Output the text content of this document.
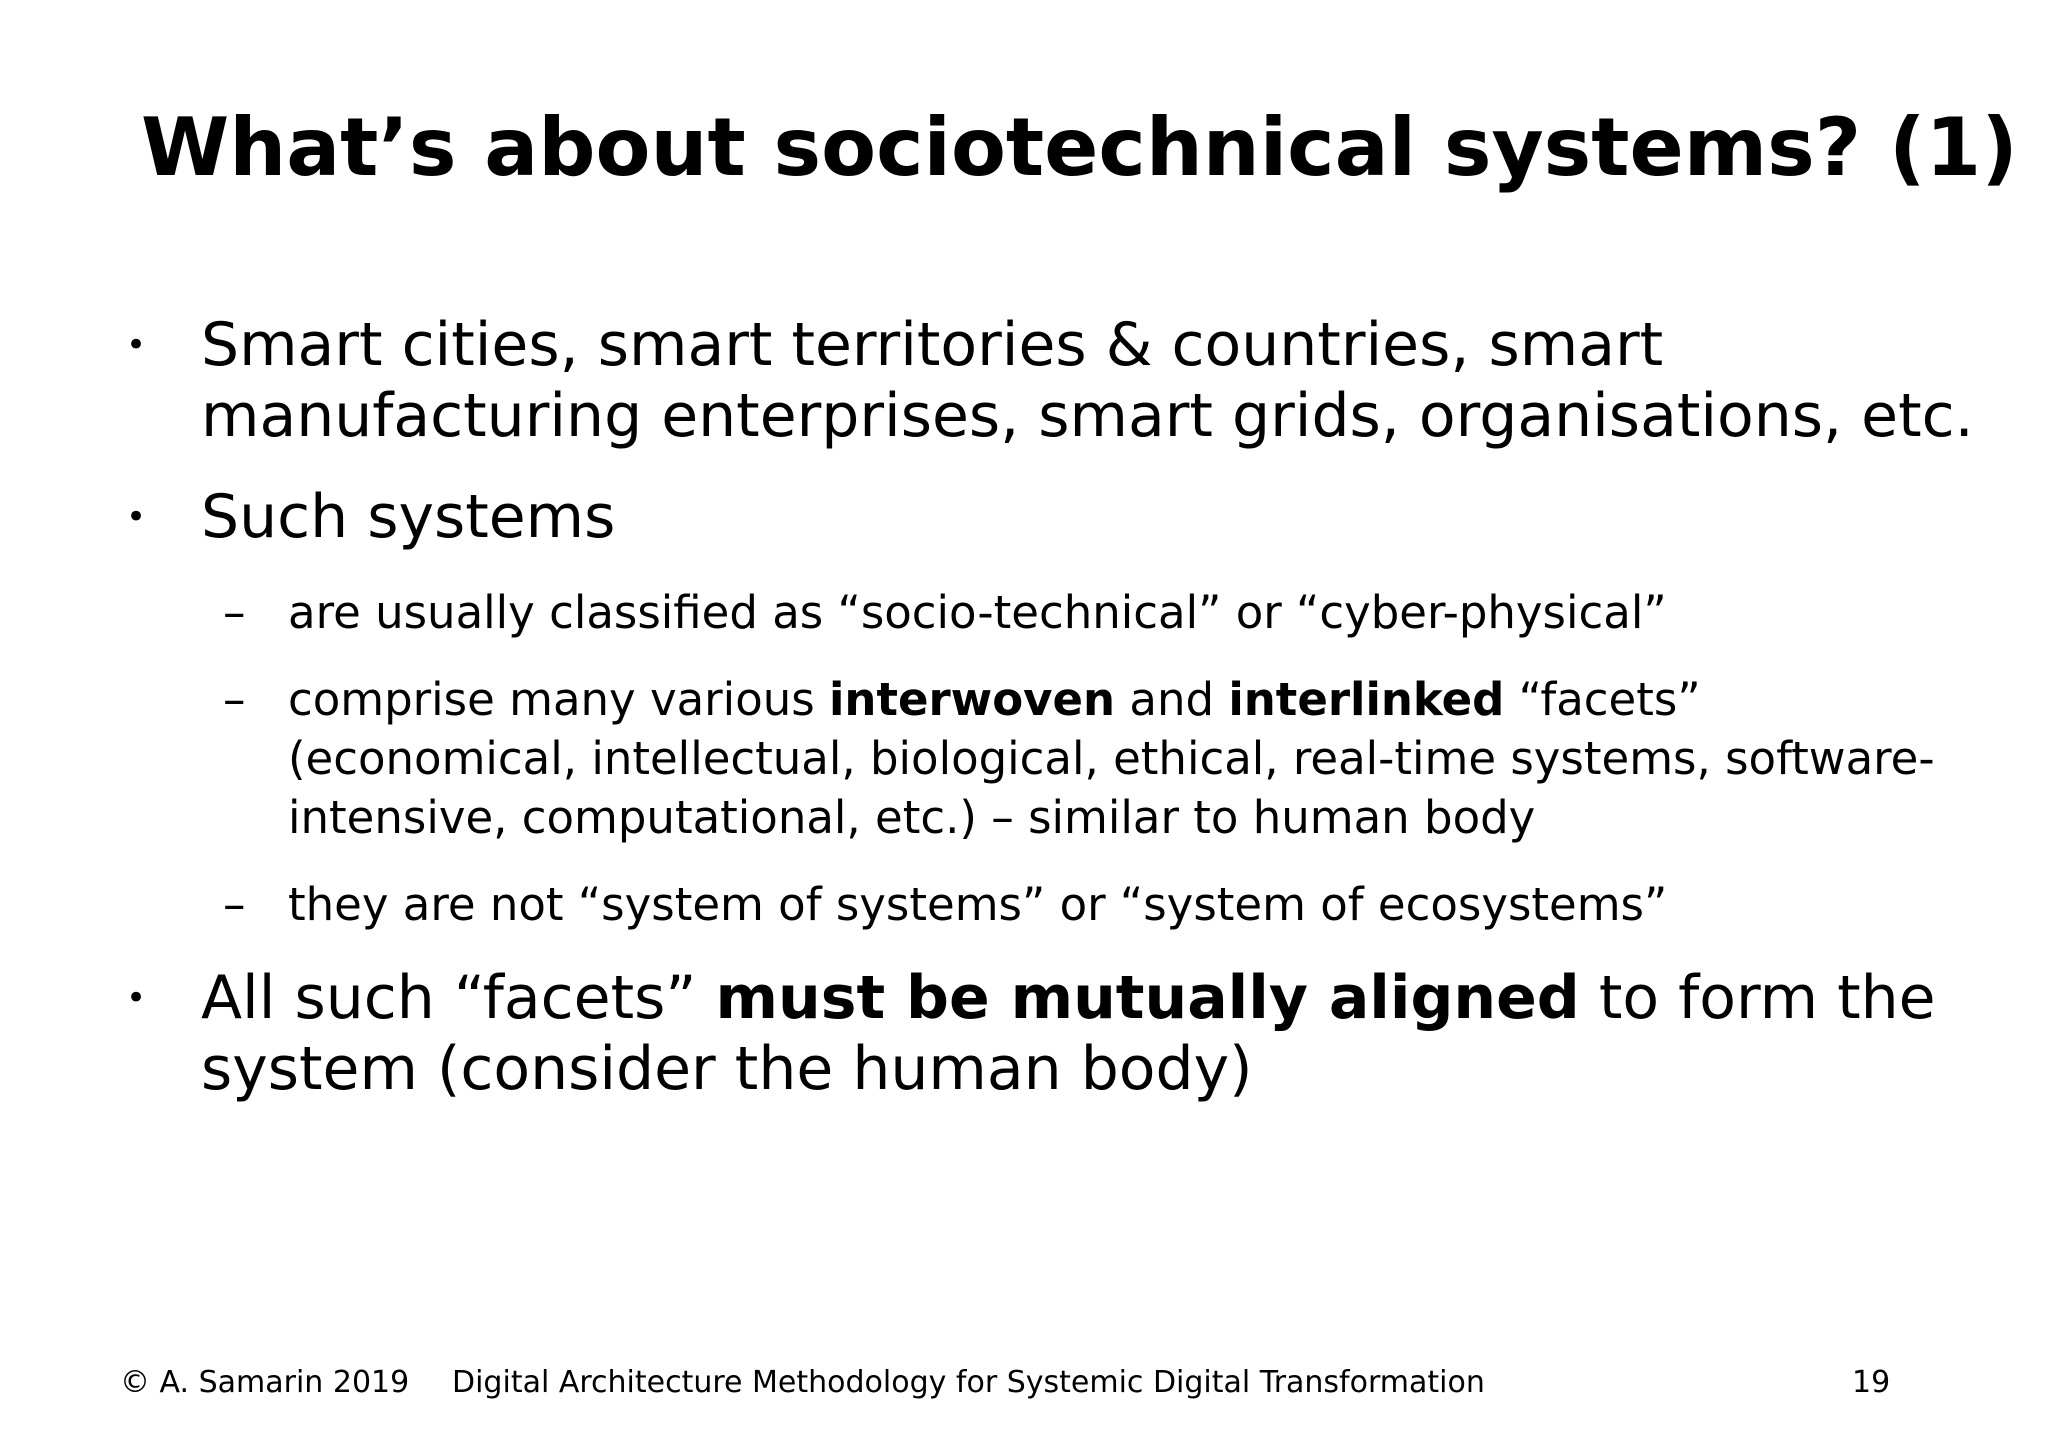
What’s about sociotechnical systems? (1)
• Smart cities, smart territories & countries, smart manufacturing enterprises, smart grids, organisations, etc.
• Such systems
– are usually classified as “socio-technical” or “cyber-physical”
– comprise many various interwoven and interlinked “facets” (economical, intellectual, biological, ethical, real-time systems, software-intensive, computational, etc.) – similar to human body
– they are not “system of systems” or “system of ecosystems”
• All such “facets” must be mutually aligned to form the system (consider the human body)
© A. Samarin 2019 Digital Architecture Methodology for Systemic Digital Transformation	19
